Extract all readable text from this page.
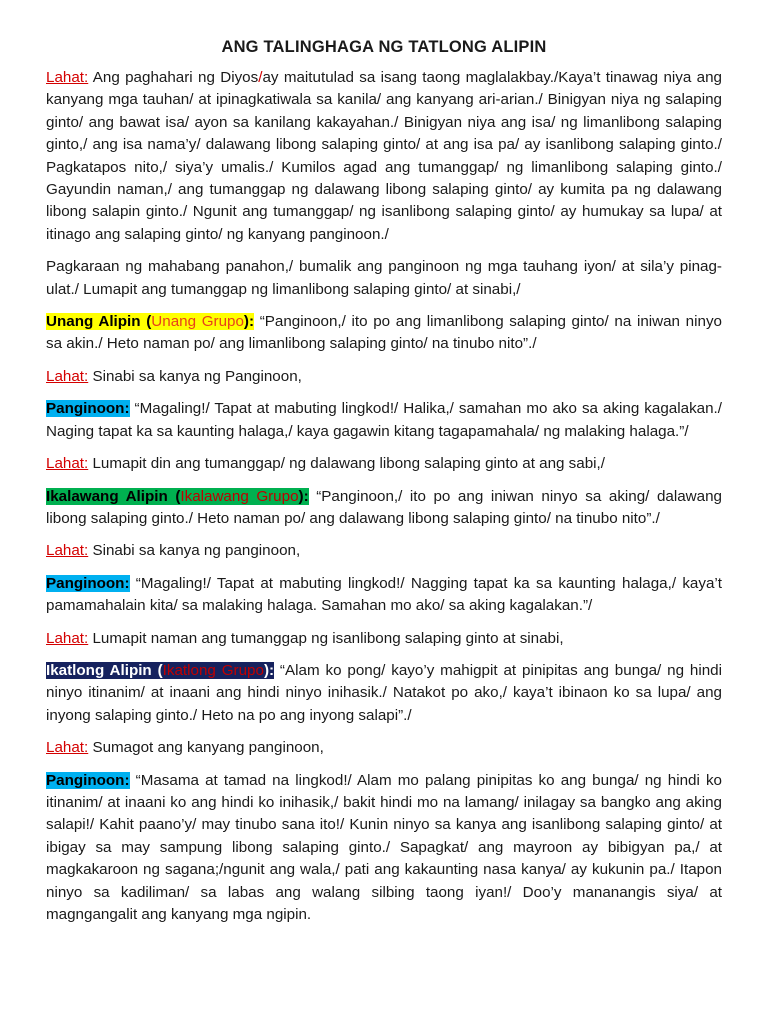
ANG TALINGHAGA NG TATLONG ALIPIN

Lahat: Ang paghahari ng Diyos/ay maitutulad sa isang taong maglalakbay./Kaya’t tinawag niya ang kanyang mga tauhan/ at ipinagkatiwala sa kanila/ ang kanyang ari-arian./ Binigyan niya ng salaping ginto/ ang bawat isa/ ayon sa kanilang kakayahan./ Binigyan niya ang isa/ ng limanlibong salaping ginto,/ ang isa nama’y/ dalawang libong salaping ginto/ at ang isa pa/ ay isanlibong salaping ginto./ Pagkatapos nito,/ siya’y umalis./ Kumilos agad ang tumanggap/ ng limanlibong salaping ginto./ Gayundin naman,/ ang tumanggap ng dalawang libong salaping ginto/ ay kumita pa ng dalawang libong salapin ginto./ Ngunit ang tumanggap/ ng isanlibong salaping ginto/ ay humukay sa lupa/ at itinago ang salaping ginto/ ng kanyang panginoon./

Pagkaraan ng mahabang panahon,/ bumalik ang panginoon ng mga tauhang iyon/ at sila’y pinag-ulat./ Lumapit ang tumanggap ng limanlibong salaping ginto/ at sinabi,/

Unang Alipin (Unang Grupo): “Panginoon,/ ito po ang limanlibong salaping ginto/ na iniwan ninyo sa akin./ Heto naman po/ ang limanlibong salaping ginto/ na tinubo nito”./

Lahat: Sinabi sa kanya ng Panginoon,

Panginoon: “Magaling!/ Tapat at mabuting lingkod!/ Halika,/ samahan mo ako sa aking kagalakan./ Naging tapat ka sa kaunting halaga,/ kaya gagawin kitang tagapamahala/ ng malaking halaga.”/

Lahat: Lumapit din ang tumanggap/ ng dalawang libong salaping ginto at ang sabi,/

Ikalawang Alipin (Ikalawang Grupo): “Panginoon,/ ito po ang iniwan ninyo sa aking/ dalawang libong salaping ginto./ Heto naman po/ ang dalawang libong salaping ginto/ na tinubo nito”./

Lahat: Sinabi sa kanya ng panginoon,

Panginoon: “Magaling!/ Tapat at mabuting lingkod!/ Nagging tapat ka sa kaunting halaga,/ kaya’t pamamahalain kita/ sa malaking halaga. Samahan mo ako/ sa aking kagalakan.”/

Lahat: Lumapit naman ang tumanggap ng isanlibong salaping ginto at sinabi,

Ikatlong Alipin (Ikatlong Grupo): “Alam ko pong/ kayo’y mahigpit at pinipitas ang bunga/ ng hindi ninyo itinanim/ at inaani ang hindi ninyo inihasik./ Natakot po ako,/ kaya’t ibinaon ko sa lupa/ ang inyong salaping ginto./ Heto na po ang inyong salapi”./

Lahat: Sumagot ang kanyang panginoon,

Panginoon: “Masama at tamad na lingkod!/ Alam mo palang pinipitas ko ang bunga/ ng hindi ko itinanim/ at inaani ko ang hindi ko inihasik,/ bakit hindi mo na lamang/ inilagay sa bangko ang aking salapi!/ Kahit paano’y/ may tinubo sana ito!/ Kunin ninyo sa kanya ang isanlibong salaping ginto/ at ibigay sa may sampung libong salaping ginto./ Sapagkat/ ang mayroon ay bibigyan pa,/ at magkakaroon ng sagana;/ngunit ang wala,/ pati ang kakaunting nasa kanya/ ay kukunin pa./ Itapon ninyo sa kadiliman/ sa labas ang walang silbing taong iyan!/ Doo’y mananangis siya/ at magngangalit ang kanyang mga ngipin.
